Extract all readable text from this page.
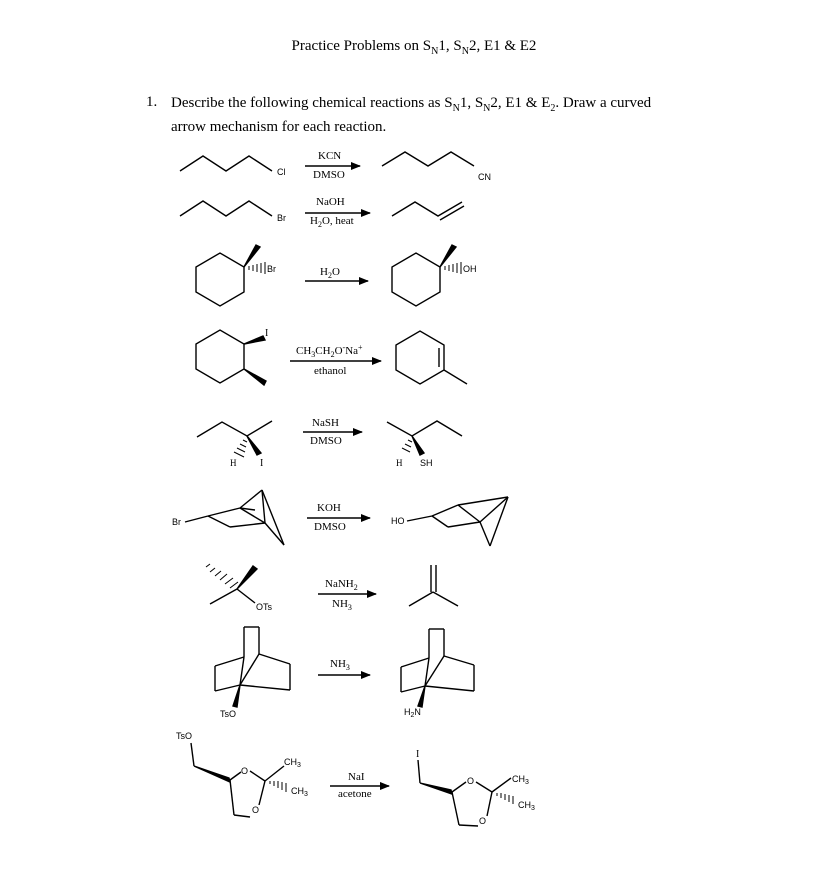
Practice Problems on $S_N1$, $S_N2$, E1 & E2
1. Describe the following chemical reactions as $S_N1$, $S_N2$, E1 & $E_2$. Draw a curved
arrow mechanism for each reaction.
Cl
KCN
DMSO	CN
Br
NaOH
$H_2O$, heat
Br	$H_2O$	OH
I
$CH_3CH_2O^-Na^+$
ethanol
H I
NaSH
DMSO
H SH
Br
KOH
DMSO	HO
OTs
NaNH$_2$
$NH_3$
TsO
$NH_3$
$H_2N$
TsO
O
O
$CH_3$
$CH_3$
NaI
acetone
I
O
O
$CH_3$
$CH_3$
